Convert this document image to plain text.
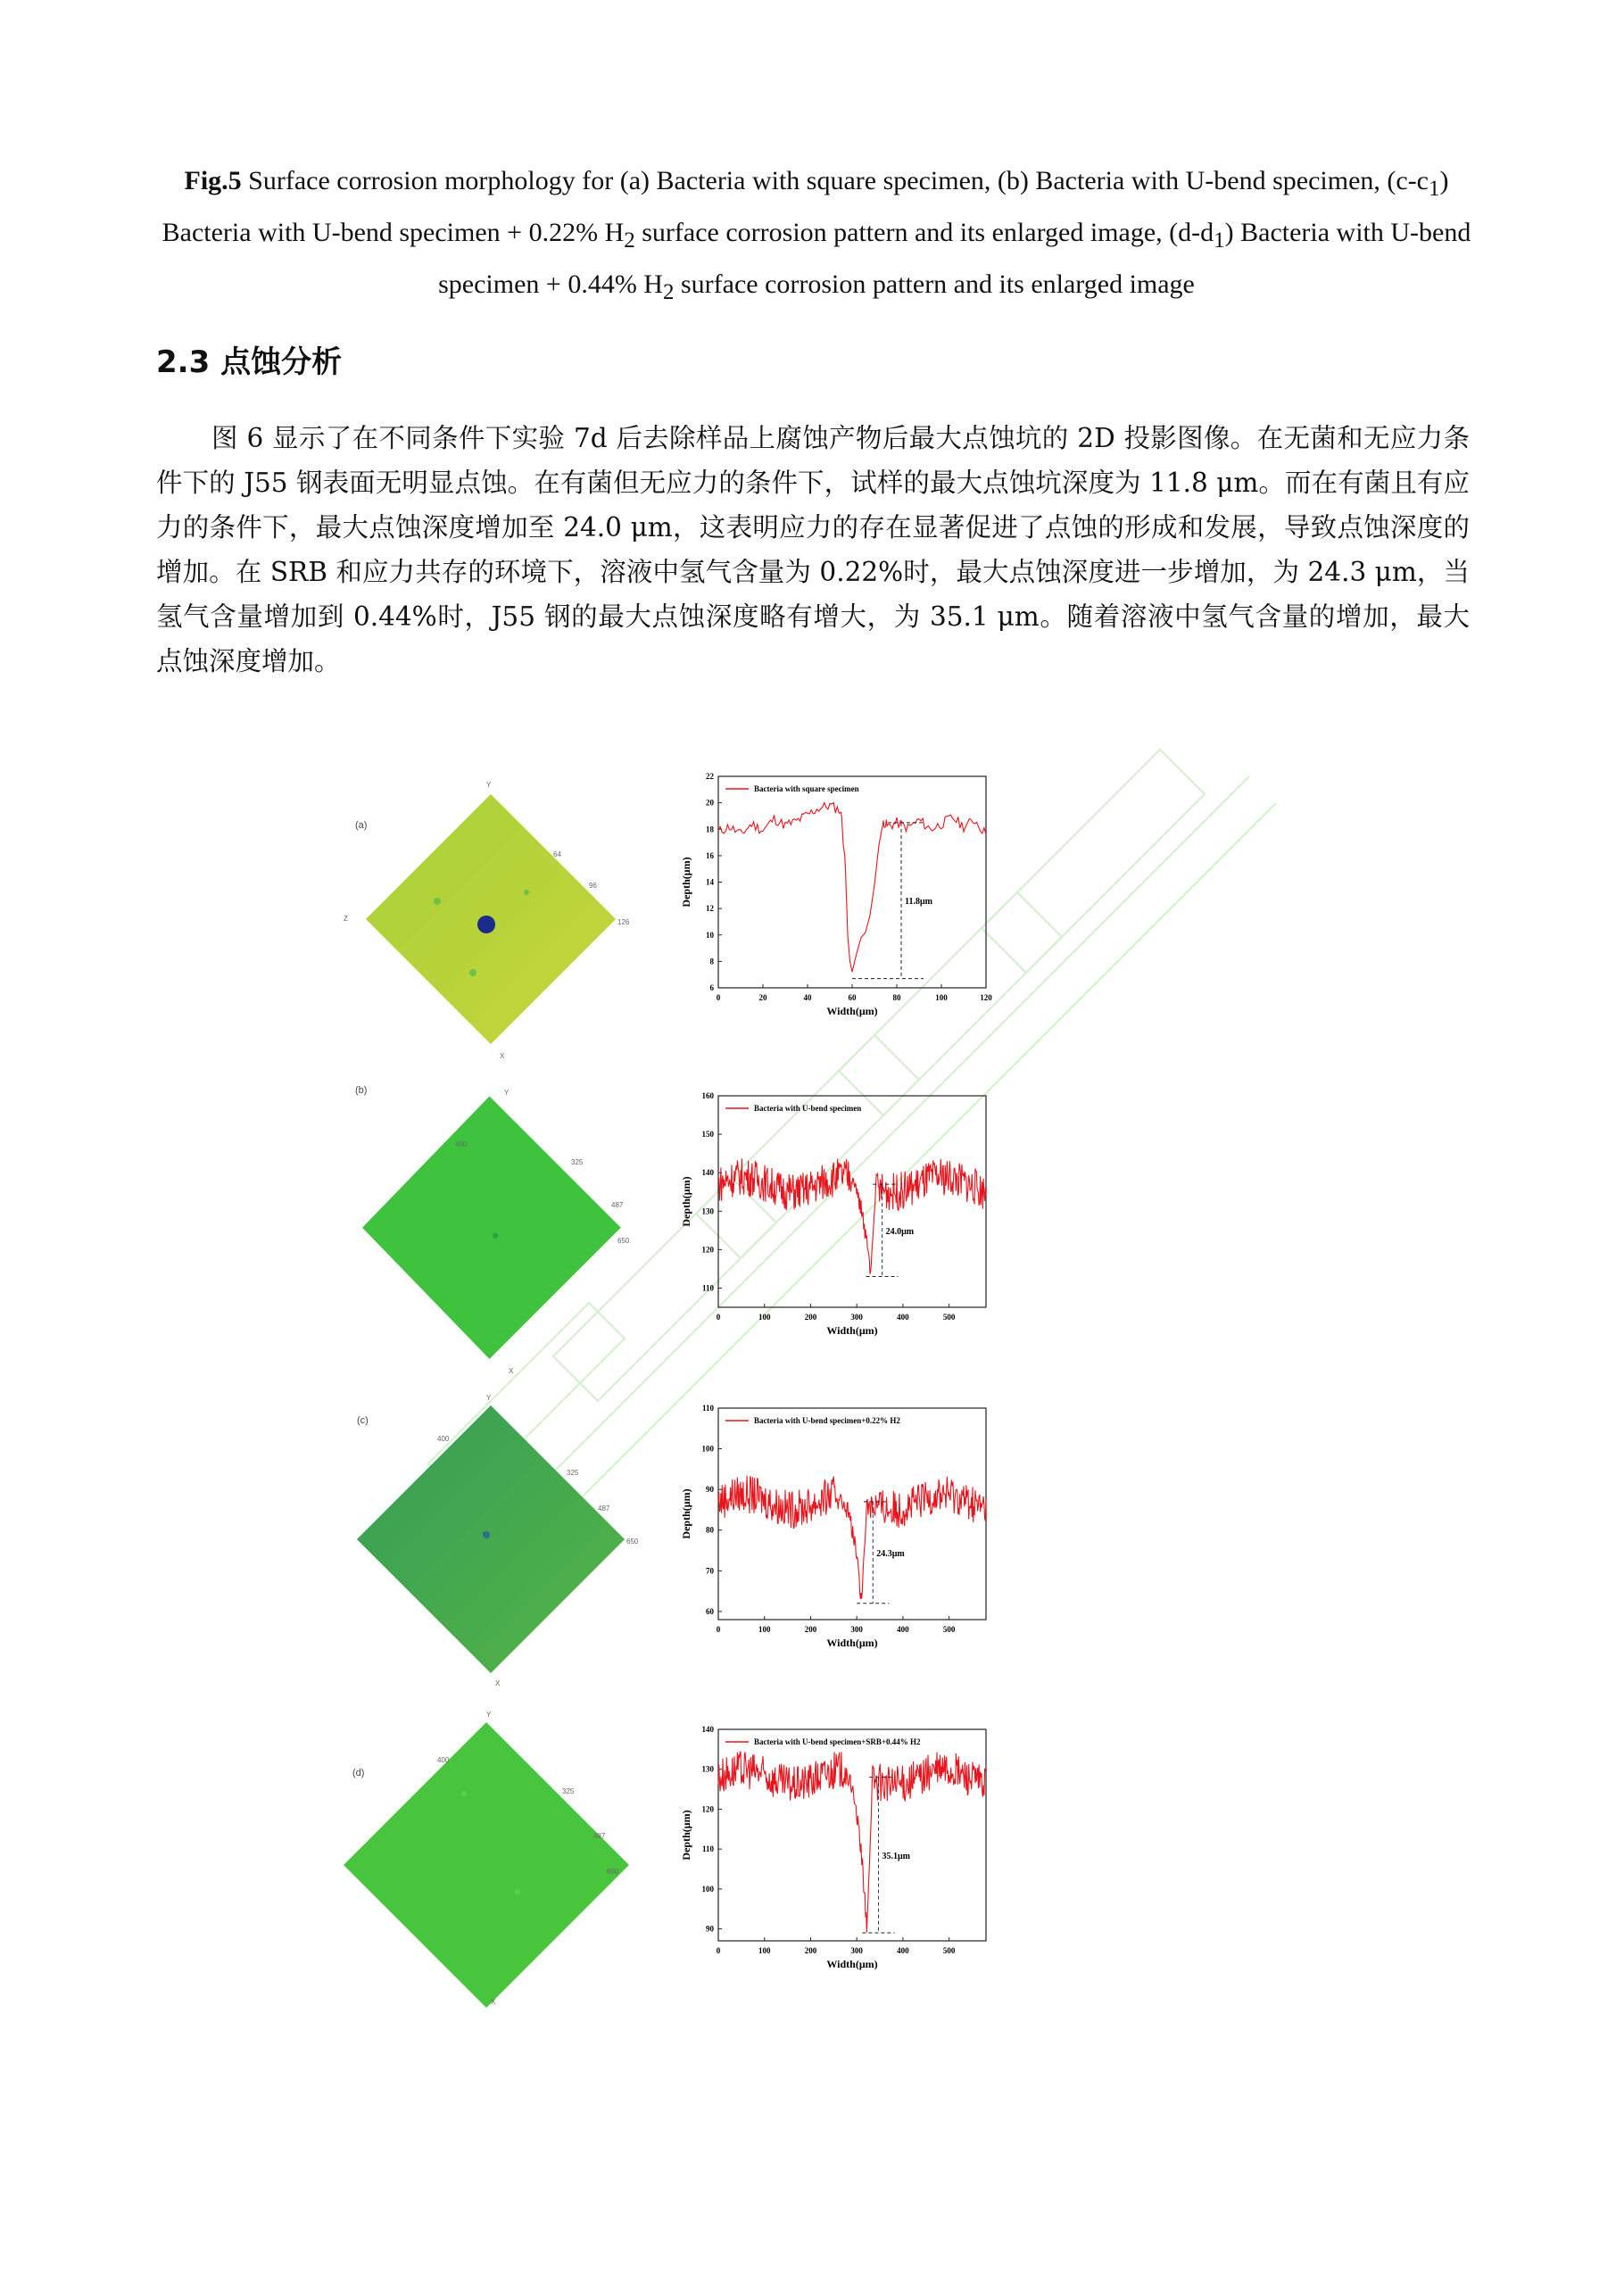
Fig.5 Surface corrosion morphology for (a) Bacteria with square specimen, (b) Bacteria with U-bend specimen, $(c-c_1)$ Bacteria with U-bend specimen + 0.22% $H_2$ surface corrosion pattern and its enlarged image, $(d-d_1)$ Bacteria with U-bend specimen + 0.44% $H_2$ surface corrosion pattern and its enlarged image
2.3 点蚀分析
图 6 显示了在不同条件下实验 7d 后去除样品上腐蚀产物后最大点蚀坑的 2D 投影图像。在无菌和无应力条件下的 J55 钢表面无明显点蚀。在有菌但无应力的条件下，试样的最大点蚀坑深度为 11.8 μm。而在有菌且有应力的条件下，最大点蚀深度增加至 24.0 μm，这表明应力的存在显著促进了点蚀的形成和发展，导致点蚀深度的增加。在 SRB 和应力共存的环境下，溶液中氢气含量为 0.22%时，最大点蚀深度进一步增加，为 24.3 μm，当氢气含量增加到 0.44%时，J55 钢的最大点蚀深度略有增大，为 35.1 μm。随着溶液中氢气含量的增加，最大点蚀深度增加。
(a)
Y
126
64
96
X
Z
(b)	Y
400
325
487
650
X
(c)
Y
400
325
487
650
X
(d)
Y
400
325
487
650
X
0	20	40	60	80	100	120
6
8
10
12
14
16
18
20
22
Width(μm)
Depth(μm)
Bacteria with square specimen
11.8μm
0	100	200	300	400	500
110
120
130
140
150
160
Width(μm)
Depth(μm)
Bacteria with U-bend specimen
24.0μm
0	100	200	300	400	500
60
70
80
90
100
110
Width(μm)
Depth(μm)
Bacteria with U-bend specimen+0.22% H2
24.3μm
0	100	200	300	400	500
90
100
110
120
130
140
Width(μm)
Depth(μm)
Bacteria with U-bend specimen+SRB+0.44% H2
35.1μm
